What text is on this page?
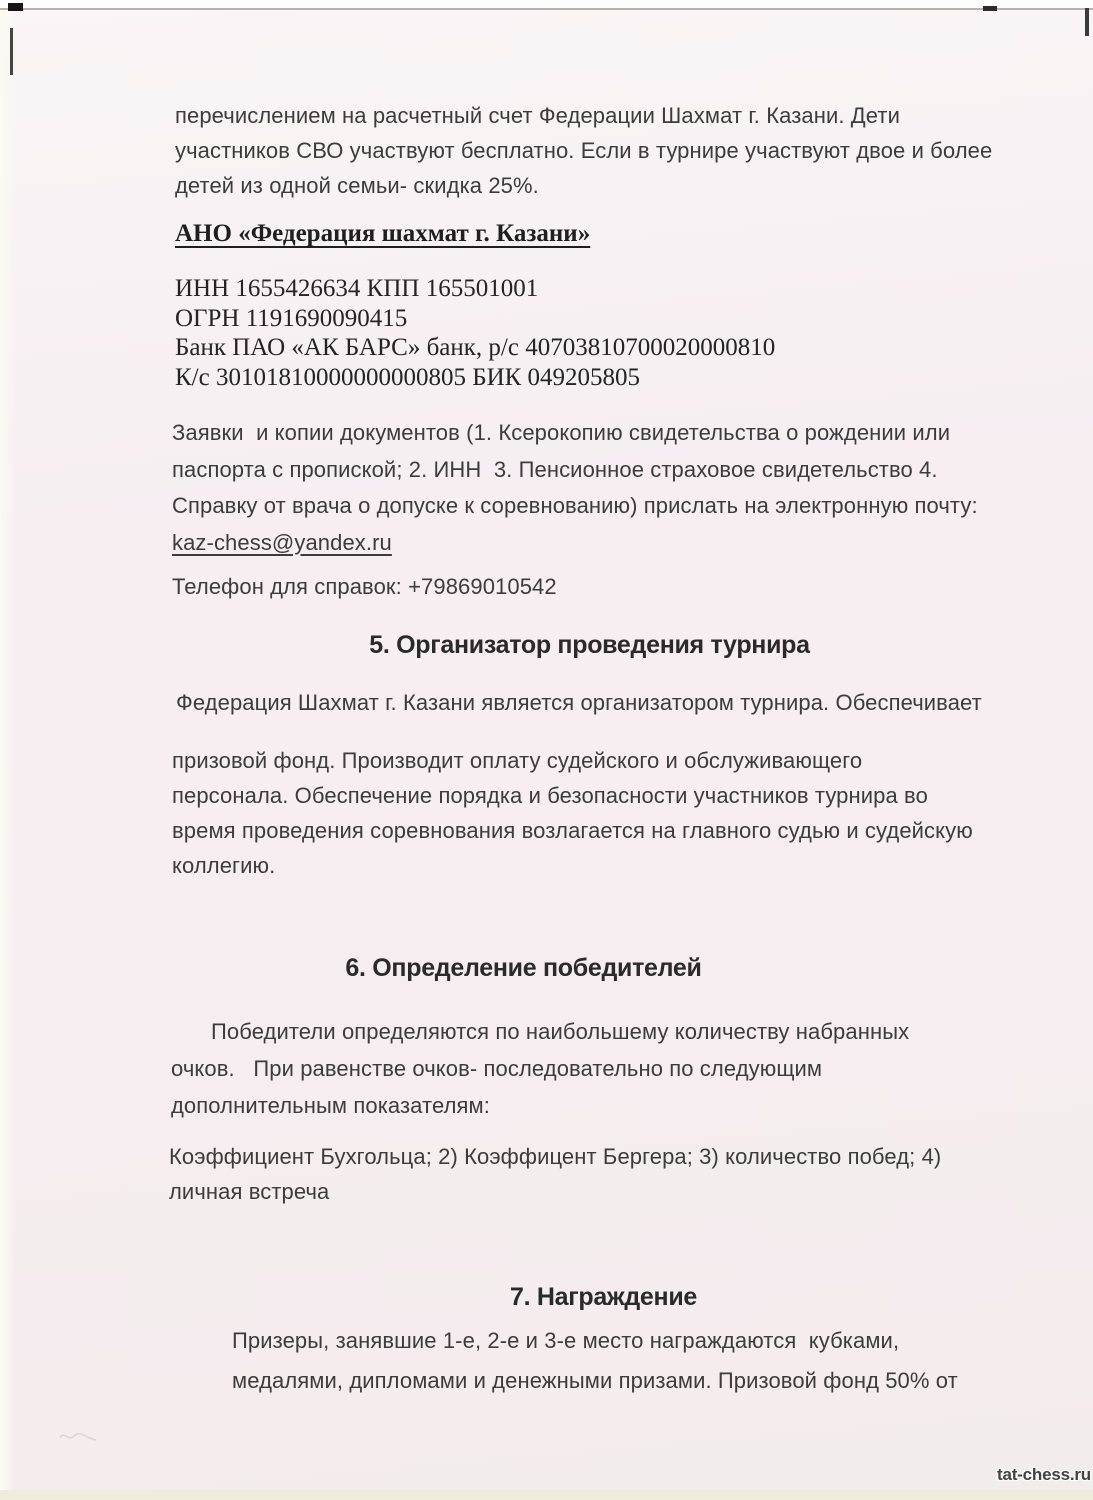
перечислением на расчетный счет Федерации Шахмат г. Казани. Дети
участников СВО участвуют бесплатно. Если в турнире участвуют двое и более
детей из одной семьи- скидка 25%.
АНО «Федерация шахмат г. Казани»
ИНН 1655426634 КПП 165501001
ОГРН 1191690090415
Банк ПАО «АК БАРС» банк, р/с 40703810700020000810
К/с 30101810000000000805 БИК 049205805
Заявки  и копии документов (1. Ксерокопию свидетельства о рождении или
паспорта с пропиской; 2. ИНН  3. Пенсионное страховое свидетельство 4.
Справку от врача о допуске к соревнованию) прислать на электронную почту:
kaz-chess@yandex.ru
Телефон для справок: +79869010542
5. Организатор проведения турнира
Федерация Шахмат г. Казани является организатором турнира. Обеспечивает
призовой фонд. Производит оплату судейского и обслуживающего
персонала. Обеспечение порядка и безопасности участников турнира во
время проведения соревнования возлагается на главного судью и судейскую
коллегию.
6. Определение победителей
Победители определяются по наибольшему количеству набранных
очков.   При равенстве очков- последовательно по следующим
дополнительным показателям:
Коэффициент Бухгольца; 2) Коэффицент Бергера; 3) количество побед; 4)
личная встреча
7. Награждение
Призеры, занявшие 1-е, 2-е и 3-е место награждаются  кубками,
медалями, дипломами и денежными призами. Призовой фонд 50% от
tat-chess.ru
